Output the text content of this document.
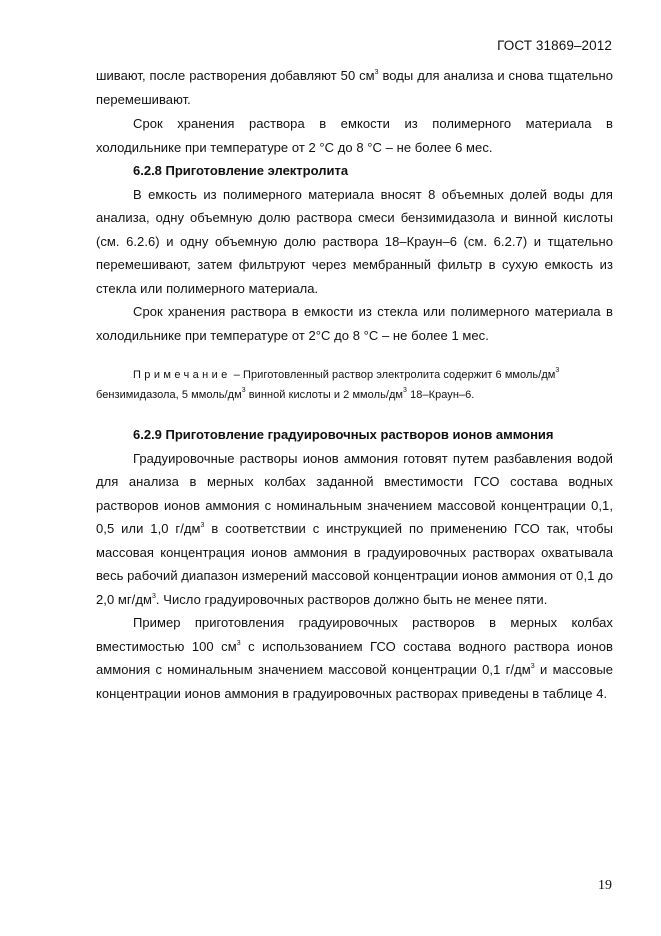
ГОСТ 31869–2012

шивают, после растворения добавляют 50 $см^3$ воды для анализа и снова тщательно перемешивают.

Срок хранения раствора в емкости из полимерного материала в холодильнике при температуре от 2 °С до 8 °С – не более 6 мес.

6.2.8 Приготовление электролита

В емкость из полимерного материала вносят 8 объемных долей воды для анализа, одну объемную долю раствора смеси бензимидазола и винной кислоты (см. 6.2.6) и одну объемную долю раствора 18–Краун–6 (см. 6.2.7) и тщательно перемешивают, затем фильтруют через мембранный фильтр в сухую емкость из стекла или полимерного материала.

Срок хранения раствора в емкости из стекла или полимерного материала в холодильнике при температуре от 2°С до 8 °С – не более 1 мес.

Примечание – Приготовленный раствор электролита содержит 6 ммоль/$дм^3$ бензимидазола, 5 ммоль/$дм^3$ винной кислоты и 2 ммоль/$дм^3$ 18–Краун–6.

6.2.9 Приготовление градуировочных растворов ионов аммония

Градуировочные растворы ионов аммония готовят путем разбавления водой для анализа в мерных колбах заданной вместимости ГСО состава водных растворов ионов аммония с номинальным значением массовой концентрации 0,1, 0,5 или 1,0 $г/дм^3$ в соответствии с инструкцией по применению ГСО так, чтобы массовая концентрация ионов аммония в градуировочных растворах охватывала весь рабочий диапазон измерений массовой концентрации ионов аммония от 0,1 до 2,0 $мг/дм^3$. Число градуировочных растворов должно быть не менее пяти.

Пример приготовления градуировочных растворов в мерных колбах вместимостью 100 $см^3$ с использованием ГСО состава водного раствора ионов аммония с номинальным значением массовой концентрации 0,1 $г/дм^3$ и массовые концентрации ионов аммония в градуировочных растворах приведены в таблице 4.

19
